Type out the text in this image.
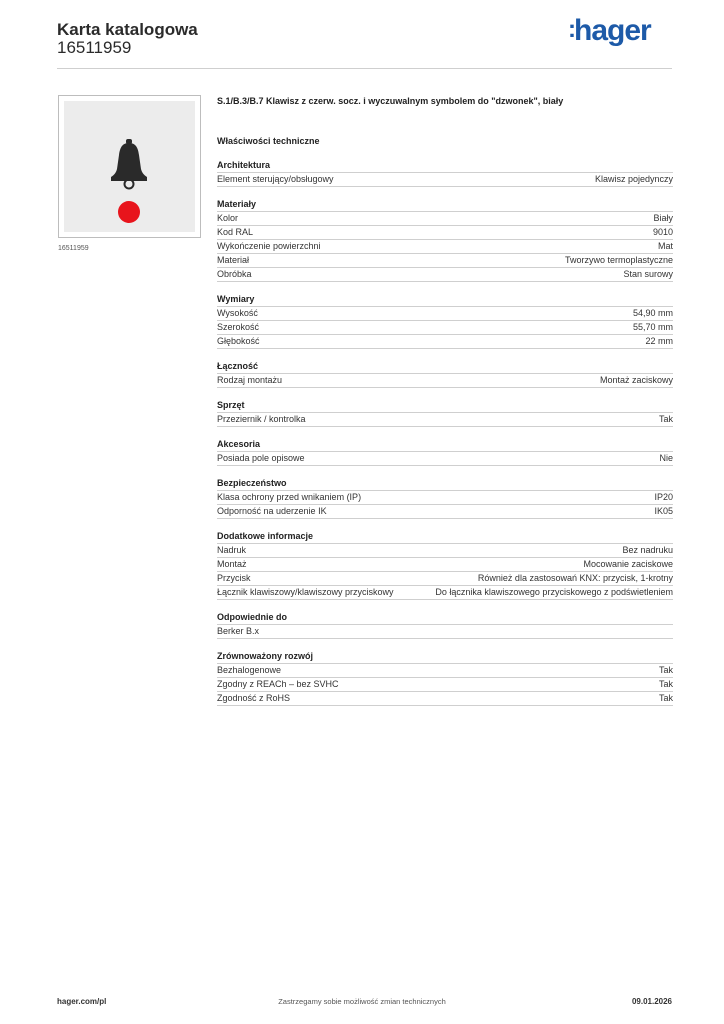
Karta katalogowa
16511959
:hager
16511959
S.1/B.3/B.7 Klawisz z czerw. socz. i wyczuwalnym symbolem do "dzwonek", biały
Właściwości techniczne
Architektura
Element sterujący/obsługowy	Klawisz pojedynczy
Materiały
Kolor	Biały
Kod RAL	9010
Wykończenie powierzchni	Mat
Materiał	Tworzywo termoplastyczne
Obróbka	Stan surowy
Wymiary
Wysokość	54,90 mm
Szerokość	55,70 mm
Głębokość	22 mm
Łączność
Rodzaj montażu	Montaż zaciskowy
Sprzęt
Przeziernik / kontrolka	Tak
Akcesoria
Posiada pole opisowe	Nie
Bezpieczeństwo
Klasa ochrony przed wnikaniem (IP)	IP20
Odporność na uderzenie IK	IK05
Dodatkowe informacje
Nadruk	Bez nadruku
Montaż	Mocowanie zaciskowe
Przycisk	Również dla zastosowań KNX: przycisk, 1-krotny
Łącznik klawiszowy/klawiszowy przyciskowy	Do łącznika klawiszowego przyciskowego z podświetleniem
Odpowiednie do
Berker B.x
Zrównoważony rozwój
Bezhalogenowe	Tak
Zgodny z REACh – bez SVHC	Tak
Zgodność z RoHS	Tak
hager.com/pl	Zastrzegamy sobie możliwość zmian technicznych	09.01.2026
